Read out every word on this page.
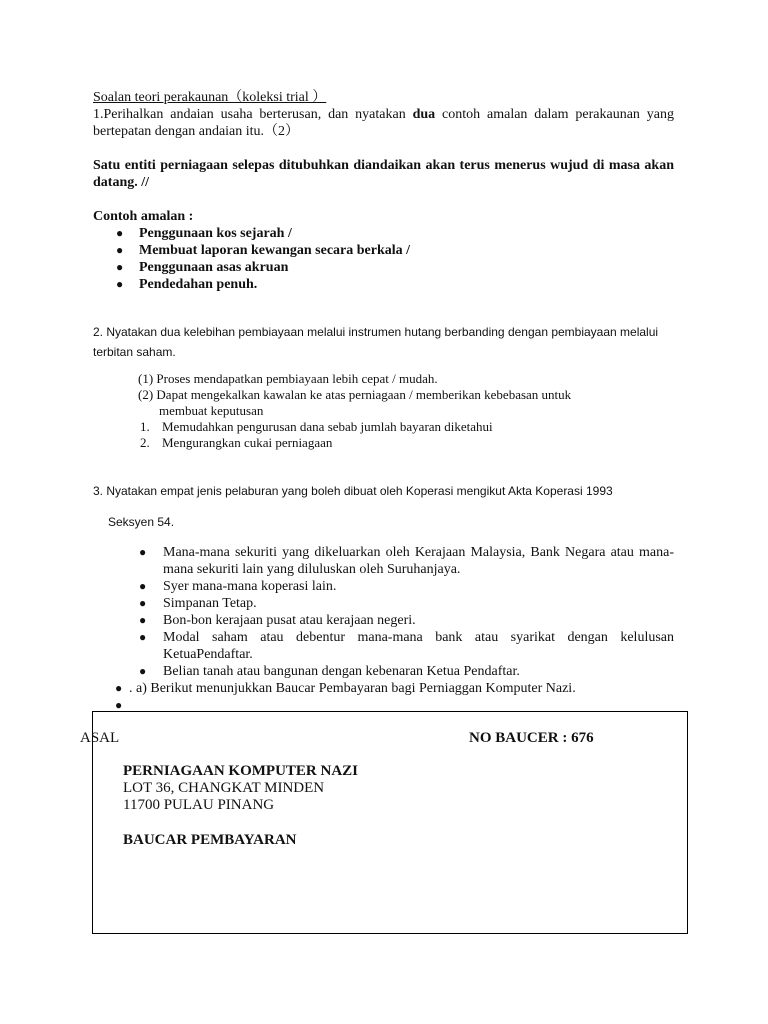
Soalan teori perakaunan（koleksi trial ）
1.Perihalkan andaian usaha berterusan, dan nyatakan dua contoh amalan dalam perakaunan yang bertepatan dengan andaian itu.（2）
Satu entiti perniagaan selepas ditubuhkan diandaikan akan terus menerus wujud di masa akan datang. //
Contoh amalan :
● Penggunaan kos sejarah /
● Membuat laporan kewangan secara berkala /
● Penggunaan asas akruan
● Pendedahan penuh.
2. Nyatakan dua kelebihan pembiayaan melalui instrumen hutang berbanding dengan pembiayaan melalui terbitan saham.
(1) Proses mendapatkan pembiayaan lebih cepat / mudah.
(2) Dapat mengekalkan kawalan ke atas perniagaan / memberikan kebebasan untuk
membuat keputusan
1. Memudahkan pengurusan dana sebab jumlah bayaran diketahui
2. Mengurangkan cukai perniagaan
3. Nyatakan empat jenis pelaburan yang boleh dibuat oleh Koperasi mengikut Akta Koperasi 1993
Seksyen 54.
● Mana-mana sekuriti yang dikeluarkan oleh Kerajaan Malaysia, Bank Negara atau mana-mana sekuriti lain yang diluluskan oleh Suruhanjaya.
● Syer mana-mana koperasi lain.
● Simpanan Tetap.
● Bon-bon kerajaan pusat atau kerajaan negeri.
● Modal saham atau debentur mana-mana bank atau syarikat dengan kelulusan KetuaPendaftar.
● Belian tanah atau bangunan dengan kebenaran Ketua Pendaftar.
● . a) Berikut menunjukkan Baucar Pembayaran bagi Perniaggan Komputer Nazi.
●
ASAL	NO BAUCER : 676
PERNIAGAAN KOMPUTER NAZI
LOT 36, CHANGKAT MINDEN
11700 PULAU PINANG
BAUCAR PEMBAYARAN
